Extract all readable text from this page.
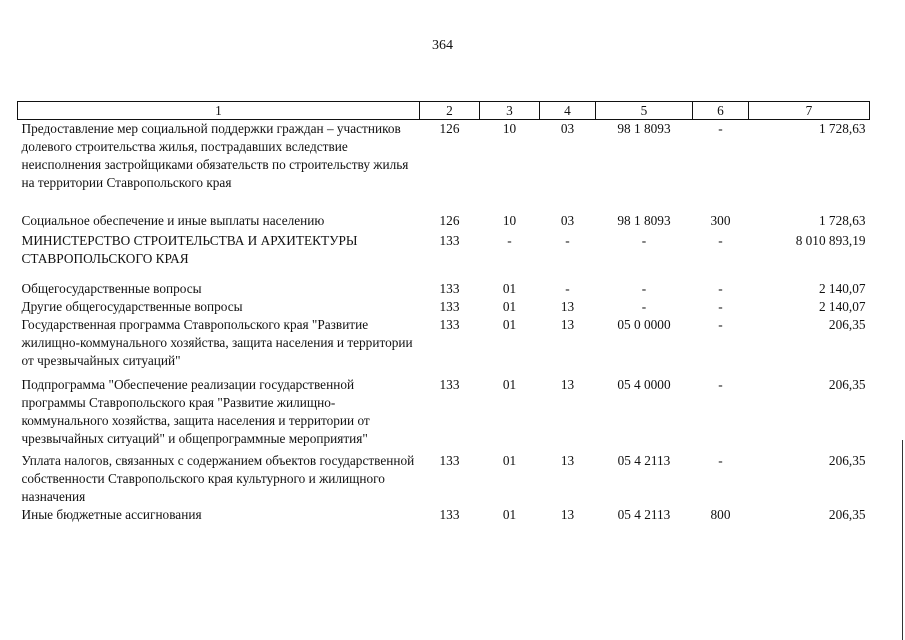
364
1	2	3	4	5	6	7
Предоставление мер социальной поддержки граждан – участников долевого строительства жилья, пострадавших вследствие неисполнения застройщиками обязательств по строительству жилья на территории Ставропольского края	126	10	03	98 1 8093	-	1 728,63
Социальное обеспечение и иные выплаты населению	126	10	03	98 1 8093	300	1 728,63
МИНИСТЕРСТВО СТРОИТЕЛЬСТВА И АРХИТЕКТУРЫ СТАВРОПОЛЬСКОГО КРАЯ	133	-	-	-	-	8 010 893,19
Общегосударственные вопросы	133	01	-	-	-	2 140,07
Другие общегосударственные вопросы	133	01	13	-	-	2 140,07
Государственная программа Ставропольского края "Развитие жилищно-коммунального хозяйства, защита населения и территории от чрезвычайных ситуаций"	133	01	13	05 0 0000	-	206,35
Подпрограмма "Обеспечение реализации государственной программы Ставропольского края "Развитие жилищно-коммунального хозяйства, защита населения и территории от чрезвычайных ситуаций" и общепрограммные мероприятия"	133	01	13	05 4 0000	-	206,35
Уплата налогов, связанных с содержанием объектов государственной собственности Ставропольского края культурного и жилищного назначения	133	01	13	05 4 2113	-	206,35
Иные бюджетные ассигнования	133	01	13	05 4 2113	800	206,35
